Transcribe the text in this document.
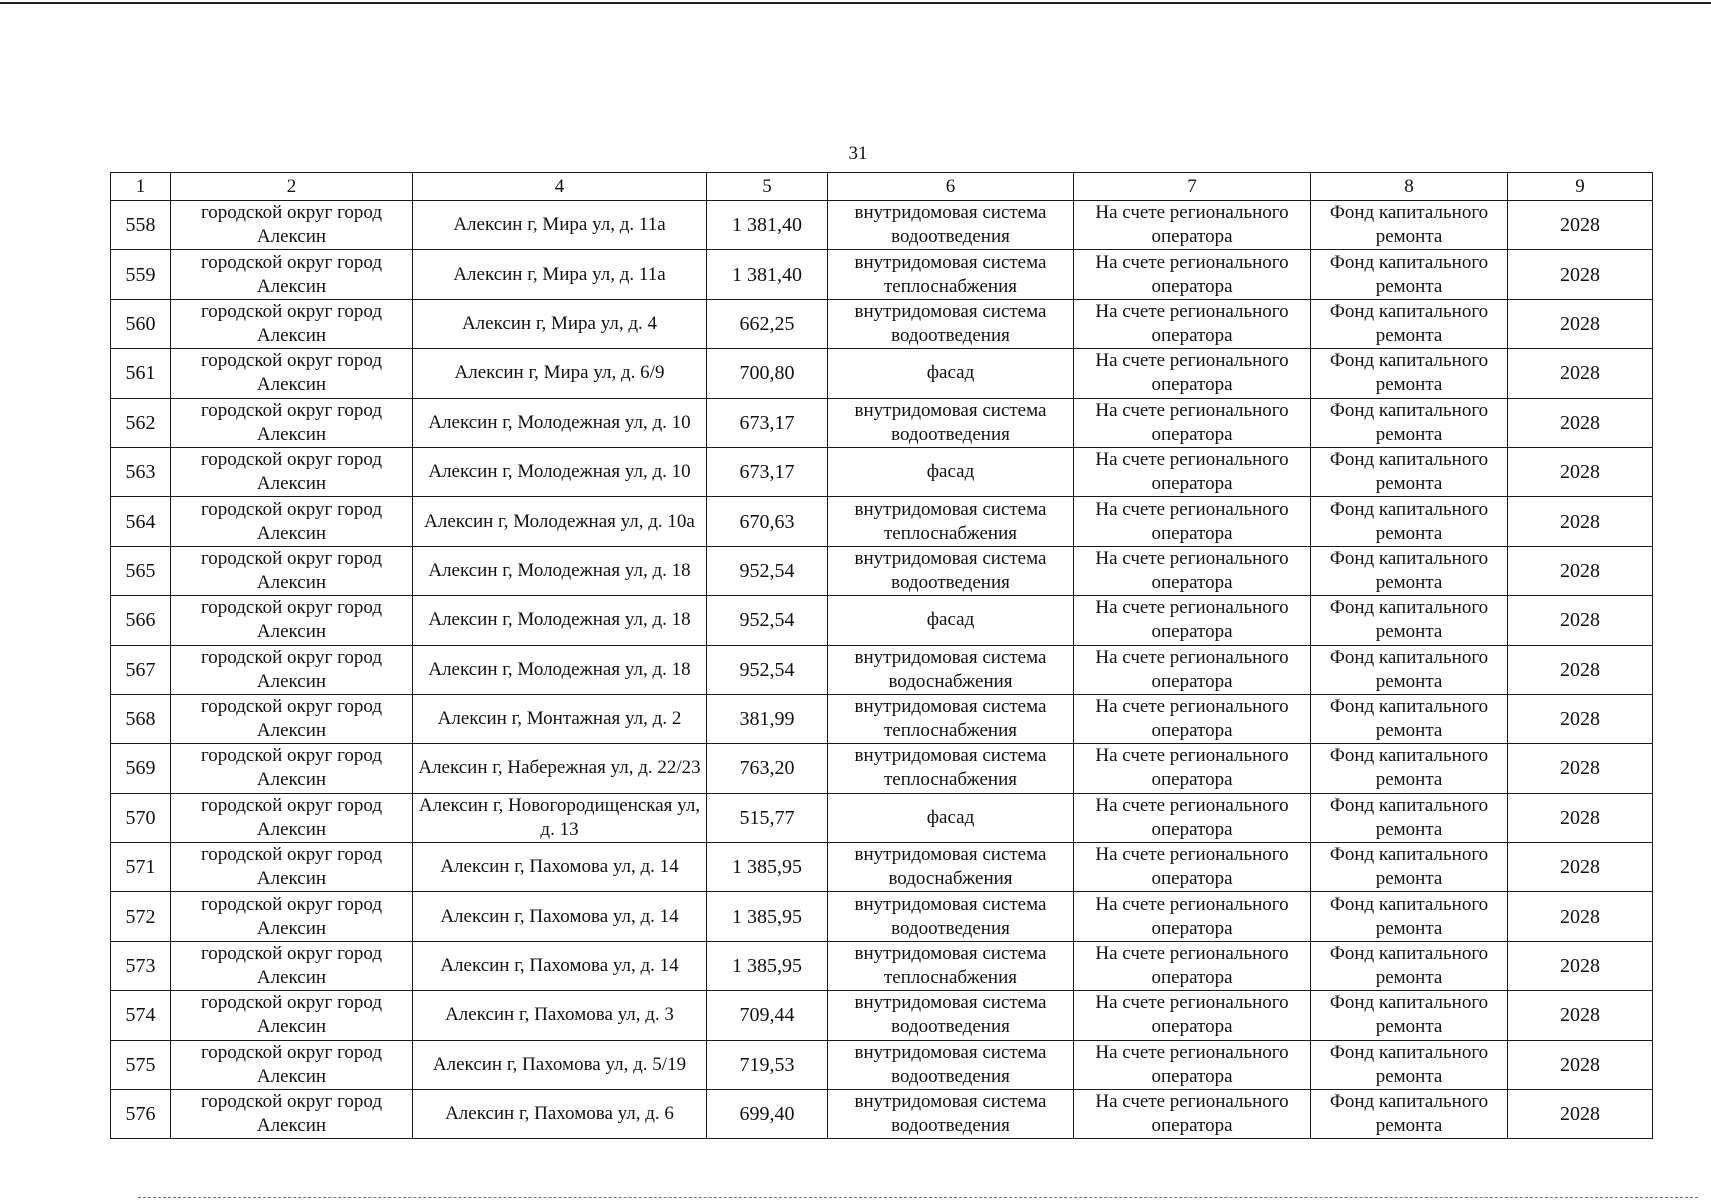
31
1	2	4	5	6	7	8	9
558	городской округ город Алексин	Алексин г, Мира ул, д. 11а	1 381,40	внутридомовая система водоотведения	На счете регионального оператора	Фонд капитального ремонта	2028
559	городской округ город Алексин	Алексин г, Мира ул, д. 11а	1 381,40	внутридомовая система теплоснабжения	На счете регионального оператора	Фонд капитального ремонта	2028
560	городской округ город Алексин	Алексин г, Мира ул, д. 4	662,25	внутридомовая система водоотведения	На счете регионального оператора	Фонд капитального ремонта	2028
561	городской округ город Алексин	Алексин г, Мира ул, д. 6/9	700,80	фасад	На счете регионального оператора	Фонд капитального ремонта	2028
562	городской округ город Алексин	Алексин г, Молодежная ул, д. 10	673,17	внутридомовая система водоотведения	На счете регионального оператора	Фонд капитального ремонта	2028
563	городской округ город Алексин	Алексин г, Молодежная ул, д. 10	673,17	фасад	На счете регионального оператора	Фонд капитального ремонта	2028
564	городской округ город Алексин	Алексин г, Молодежная ул, д. 10а	670,63	внутридомовая система теплоснабжения	На счете регионального оператора	Фонд капитального ремонта	2028
565	городской округ город Алексин	Алексин г, Молодежная ул, д. 18	952,54	внутридомовая система водоотведения	На счете регионального оператора	Фонд капитального ремонта	2028
566	городской округ город Алексин	Алексин г, Молодежная ул, д. 18	952,54	фасад	На счете регионального оператора	Фонд капитального ремонта	2028
567	городской округ город Алексин	Алексин г, Молодежная ул, д. 18	952,54	внутридомовая система водоснабжения	На счете регионального оператора	Фонд капитального ремонта	2028
568	городской округ город Алексин	Алексин г, Монтажная ул, д. 2	381,99	внутридомовая система теплоснабжения	На счете регионального оператора	Фонд капитального ремонта	2028
569	городской округ город Алексин	Алексин г, Набережная ул, д. 22/23	763,20	внутридомовая система теплоснабжения	На счете регионального оператора	Фонд капитального ремонта	2028
570	городской округ город Алексин	Алексин г, Новогородищенская ул, д. 13	515,77	фасад	На счете регионального оператора	Фонд капитального ремонта	2028
571	городской округ город Алексин	Алексин г, Пахомова ул, д. 14	1 385,95	внутридомовая система водоснабжения	На счете регионального оператора	Фонд капитального ремонта	2028
572	городской округ город Алексин	Алексин г, Пахомова ул, д. 14	1 385,95	внутридомовая система водоотведения	На счете регионального оператора	Фонд капитального ремонта	2028
573	городской округ город Алексин	Алексин г, Пахомова ул, д. 14	1 385,95	внутридомовая система теплоснабжения	На счете регионального оператора	Фонд капитального ремонта	2028
574	городской округ город Алексин	Алексин г, Пахомова ул, д. 3	709,44	внутридомовая система водоотведения	На счете регионального оператора	Фонд капитального ремонта	2028
575	городской округ город Алексин	Алексин г, Пахомова ул, д. 5/19	719,53	внутридомовая система водоотведения	На счете регионального оператора	Фонд капитального ремонта	2028
576	городской округ город Алексин	Алексин г, Пахомова ул, д. 6	699,40	внутридомовая система водоотведения	На счете регионального оператора	Фонд капитального ремонта	2028
